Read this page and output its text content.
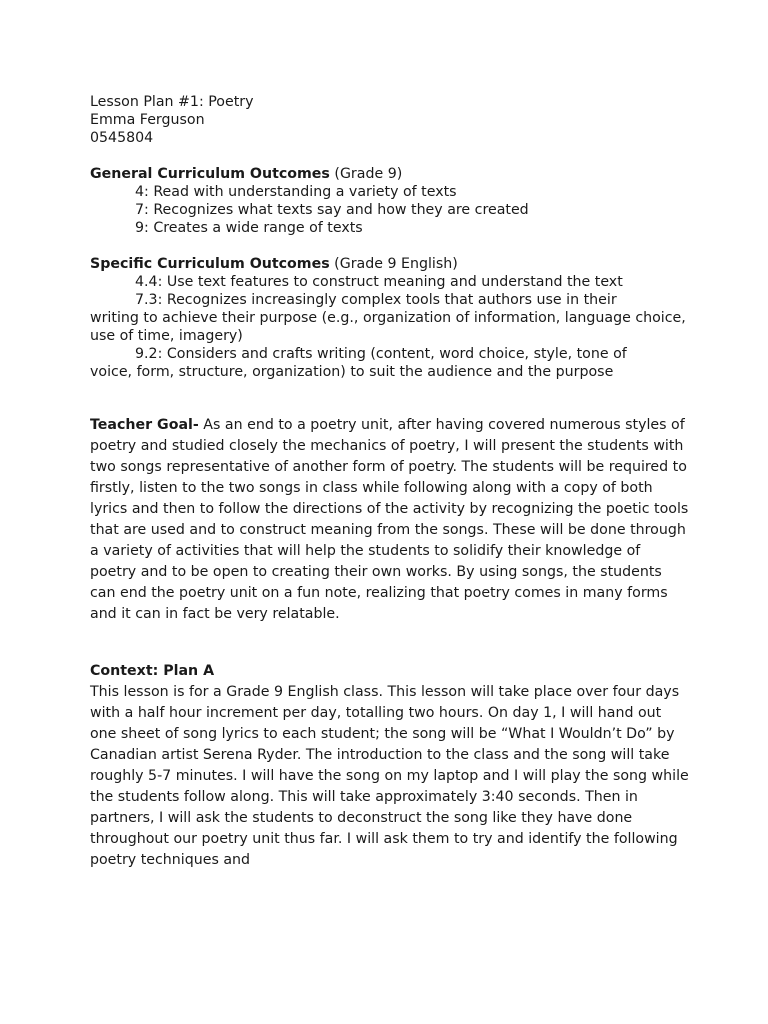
Lesson Plan #1: Poetry
Emma Ferguson
0545804
General Curriculum Outcomes (Grade 9)
4: Read with understanding a variety of texts
7: Recognizes what texts say and how they are created
9: Creates a wide range of texts
Specific Curriculum Outcomes (Grade 9 English)
4.4: Use text features to construct meaning and understand the text
7.3: Recognizes increasingly complex tools that authors use in their
writing to achieve their purpose (e.g., organization of information, language choice, use of time, imagery)
9.2: Considers and crafts writing (content, word choice, style, tone of
voice, form, structure, organization) to suit the audience and the purpose

Teacher Goal- As an end to a poetry unit, after having covered numerous styles of poetry and studied closely the mechanics of poetry, I will present the students with two songs representative of another form of poetry. The students will be required to firstly, listen to the two songs in class while following along with a copy of both lyrics and then to follow the directions of the activity by recognizing the poetic tools that are used and to construct meaning from the songs. These will be done through a variety of activities that will help the students to solidify their knowledge of poetry and to be open to creating their own works. By using songs, the students can end the poetry unit on a fun note, realizing that poetry comes in many forms and it can in fact be very relatable.

Context: Plan A

This lesson is for a Grade 9 English class. This lesson will take place over four days with a half hour increment per day, totalling two hours. On day 1, I will hand out one sheet of song lyrics to each student; the song will be “What I Wouldn’t Do” by Canadian artist Serena Ryder. The introduction to the class and the song will take roughly 5-7 minutes. I will have the song on my laptop and I will play the song while the students follow along. This will take approximately 3:40 seconds. Then in partners, I will ask the students to deconstruct the song like they have done throughout our poetry unit thus far. I will ask them to try and identify the following poetry techniques and
